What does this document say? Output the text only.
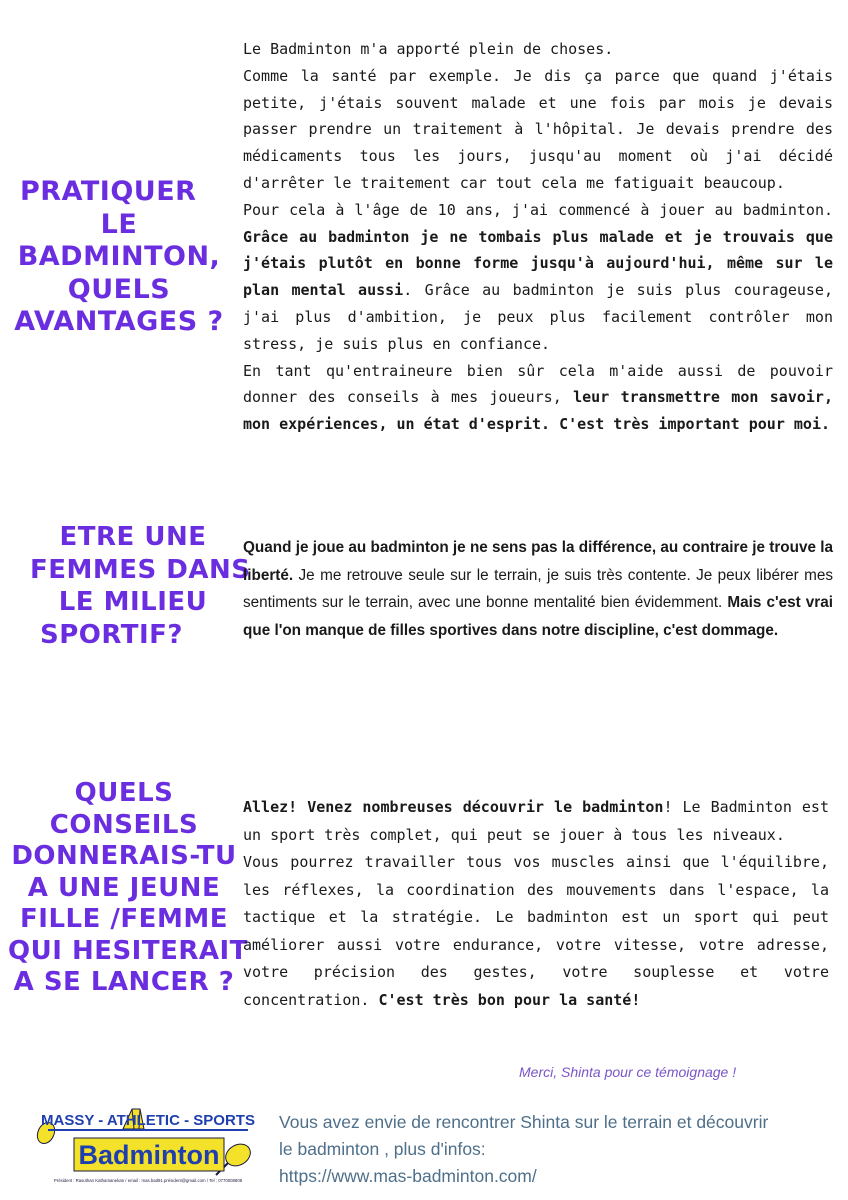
PRATIQUER
LE
BADMINTON,
QUELS
AVANTAGES ?

Le Badminton m'a apporté plein de choses.

Comme la santé par exemple. Je dis ça parce que quand j'étais petite, j'étais souvent malade et une fois par mois je devais passer prendre un traitement à l'hôpital. Je devais prendre des médicaments tous les jours, jusqu'au moment où j'ai décidé d'arrêter le traitement car tout cela me fatiguait beaucoup.

Pour cela à l'âge de 10 ans, j'ai commencé à jouer au badminton. Grâce au badminton je ne tombais plus malade et je trouvais que j'étais plutôt en bonne forme jusqu'à aujourd'hui, même sur le plan mental aussi. Grâce au badminton je suis plus courageuse, j'ai plus d'ambition, je peux plus facilement contrôler mon stress, je suis plus en confiance.

En tant qu'entraineure bien sûr cela m'aide aussi de pouvoir donner des conseils à mes joueurs, leur transmettre mon savoir, mon expériences, un état d'esprit. C'est très important pour moi.

ETRE UNE
FEMMES DANS
LE MILIEU
SPORTIF?

Quand je joue au badminton je ne sens pas la différence, au contraire je trouve la liberté. Je me retrouve seule sur le terrain, je suis très contente. Je peux libérer mes sentiments sur le terrain, avec une bonne mentalité bien évidemment. Mais c'est vrai que l'on manque de filles sportives dans notre discipline, c'est dommage.

QUELS
CONSEILS
DONNERAIS-TU
A UNE JEUNE
FILLE /FEMME
QUI HESITERAIT
A SE LANCER ?

Allez! Venez nombreuses découvrir le badminton! Le Badminton est un sport très complet, qui peut se jouer à tous les niveaux.

Vous pourrez travailler tous vos muscles ainsi que l'équilibre, les réflexes, la coordination des mouvements dans l'espace, la tactique et la stratégie. Le badminton est un sport qui peut améliorer aussi votre endurance, votre vitesse, votre adresse, votre précision des gestes, votre souplesse et votre concentration. C'est très bon pour la santé!

Merci, Shinta pour ce témoignage !
MASSY - ATHLETIC - SPORTS
Badminton
Président : Rasuthan Kathamanekan / email : mas.bad91.président@gmail.com / Tel : 0770008808
Vous avez envie de rencontrer Shinta sur le terrain et découvrir
le badminton , plus d'infos:
https://www.mas-badminton.com/
